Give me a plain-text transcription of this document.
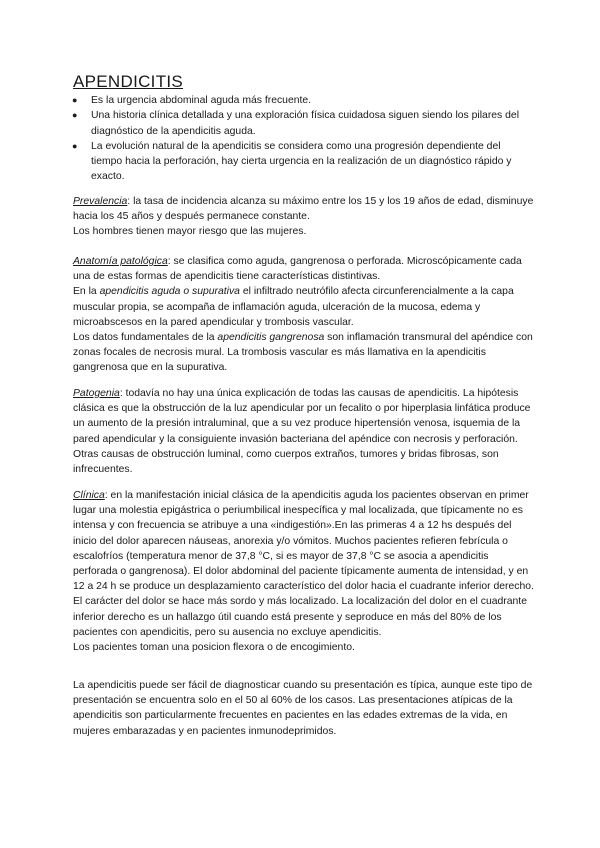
APENDICITIS
● Es la urgencia abdominal aguda más frecuente.
● Una historia clínica detallada y una exploración física cuidadosa siguen siendo los pilares del diagnóstico de la apendicitis aguda.
● La evolución natural de la apendicitis se considera como una progresión dependiente del tiempo hacia la perforación, hay cierta urgencia en la realización de un diagnóstico rápido y exacto.
Prevalencia: la tasa de incidencia alcanza su máximo entre los 15 y los 19 años de edad, disminuye hacia los 45 años y después permanece constante.
Los hombres tienen mayor riesgo que las mujeres.
Anatomía patológica: se clasifica como aguda, gangrenosa o perforada. Microscópicamente cada una de estas formas de apendicitis tiene características distintivas.
En la apendicitis aguda o supurativa el infiltrado neutrófilo afecta circunferencialmente a la capa muscular propia, se acompaña de inflamación aguda, ulceración de la mucosa, edema y microabscesos en la pared apendicular y trombosis vascular.
Los datos fundamentales de la apendicitis gangrenosa son inflamación transmural del apéndice con zonas focales de necrosis mural. La trombosis vascular es más llamativa en la apendicitis gangrenosa que en la supurativa.
Patogenia: todavía no hay una única explicación de todas las causas de apendicitis. La hipótesis clásica es que la obstrucción de la luz apendicular por un fecalito o por hiperplasia linfática produce un aumento de la presión intraluminal, que a su vez produce hipertensión venosa, isquemia de la pared apendicular y la consiguiente invasión bacteriana del apéndice con necrosis y perforación. Otras causas de obstrucción luminal, como cuerpos extraños, tumores y bridas fibrosas, son infrecuentes.
Clínica: en la manifestación inicial clásica de la apendicitis aguda los pacientes observan en primer lugar una molestia epigástrica o periumbilical inespecífica y mal localizada, que típicamente no es intensa y con frecuencia se atribuye a una «indigestión».En las primeras 4 a 12 hs después del inicio del dolor aparecen náuseas, anorexia y/o vómitos. Muchos pacientes refieren febrícula o escalofríos (temperatura menor de 37,8 °C, si es mayor de 37,8 °C se asocia a apendicitis perforada o gangrenosa). El dolor abdominal del paciente típicamente aumenta de intensidad, y en 12 a 24 h se produce un desplazamiento característico del dolor hacia el cuadrante inferior derecho. El carácter del dolor se hace más sordo y más localizado. La localización del dolor en el cuadrante inferior derecho es un hallazgo útil cuando está presente y seproduce en más del 80% de los pacientes con apendicitis, pero su ausencia no excluye apendicitis.
Los pacientes toman una posicion flexora o de encogimiento.
La apendicitis puede ser fácil de diagnosticar cuando su presentación es típica, aunque este tipo de presentación se encuentra solo en el 50 al 60% de los casos. Las presentaciones atípicas de la apendicitis son particularmente frecuentes en pacientes en las edades extremas de la vida, en mujeres embarazadas y en pacientes inmunodeprimidos.
